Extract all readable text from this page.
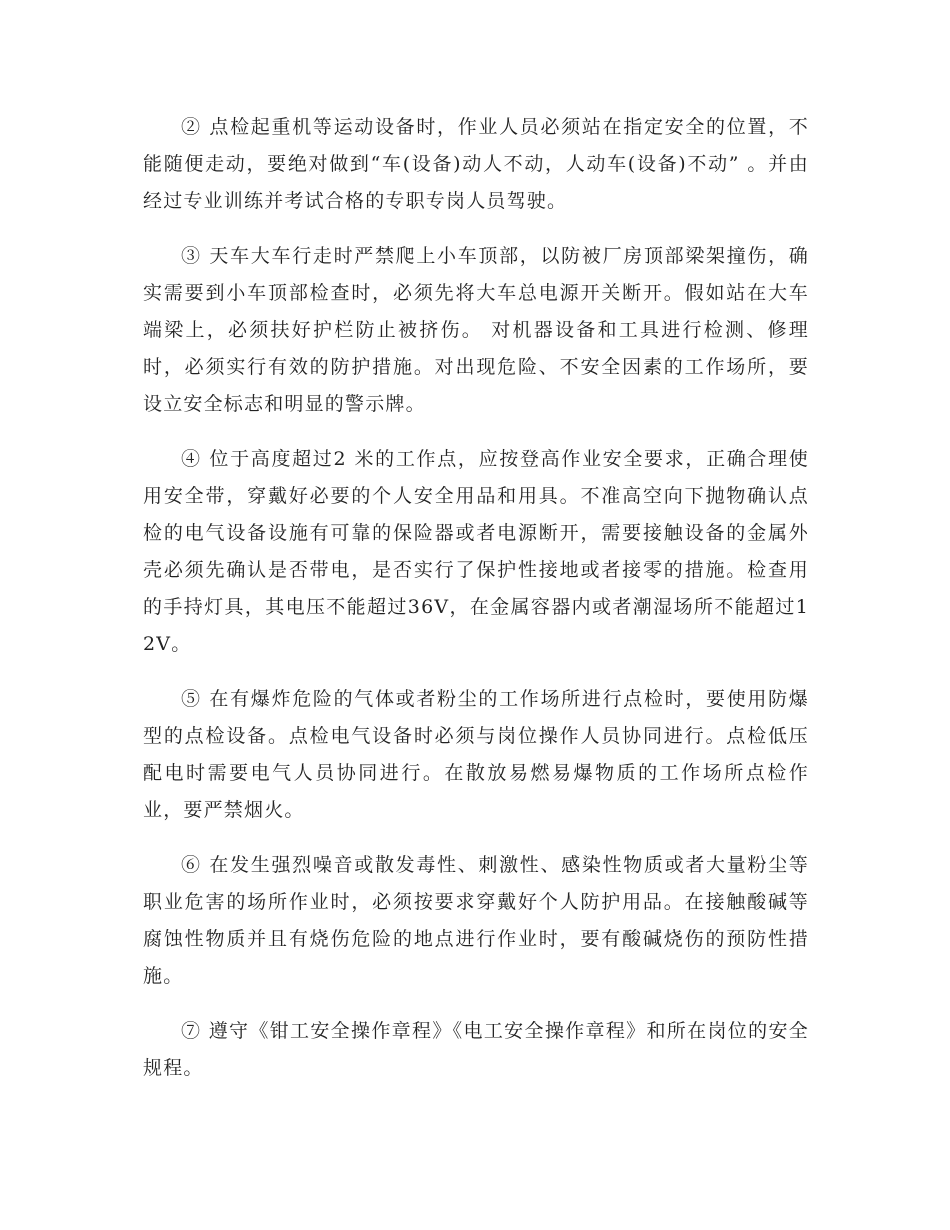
② 点检起重机等运动设备时，作业人员必须站在指定安全的位置，不能随便走动，要绝对做到“车(设备)动人不动，人动车(设备)不动” 。并由经过专业训练并考试合格的专职专岗人员驾驶。

③ 天车大车行走时严禁爬上小车顶部，以防被厂房顶部梁架撞伤，确实需要到小车顶部检查时，必须先将大车总电源开关断开。假如站在大车端梁上，必须扶好护栏防止被挤伤。 对机器设备和工具进行检测、修理时，必须实行有效的防护措施。对出现危险、不安全因素的工作场所，要设立安全标志和明显的警示牌。

④ 位于高度超过2 米的工作点，应按登高作业安全要求，正确合理使用安全带，穿戴好必要的个人安全用品和用具。不准高空向下抛物确认点检的电气设备设施有可靠的保险器或者电源断开，需要接触设备的金属外壳必须先确认是否带电，是否实行了保护性接地或者接零的措施。检查用的手持灯具，其电压不能超过36V，在金属容器内或者潮湿场所不能超过12V。

⑤ 在有爆炸危险的气体或者粉尘的工作场所进行点检时，要使用防爆型的点检设备。点检电气设备时必须与岗位操作人员协同进行。点检低压配电时需要电气人员协同进行。在散放易燃易爆物质的工作场所点检作业，要严禁烟火。

⑥ 在发生强烈噪音或散发毒性、刺激性、感染性物质或者大量粉尘等职业危害的场所作业时，必须按要求穿戴好个人防护用品。在接触酸碱等腐蚀性物质并且有烧伤危险的地点进行作业时，要有酸碱烧伤的预防性措施。

⑦ 遵守《钳工安全操作章程》《电工安全操作章程》和所在岗位的安全规程。
